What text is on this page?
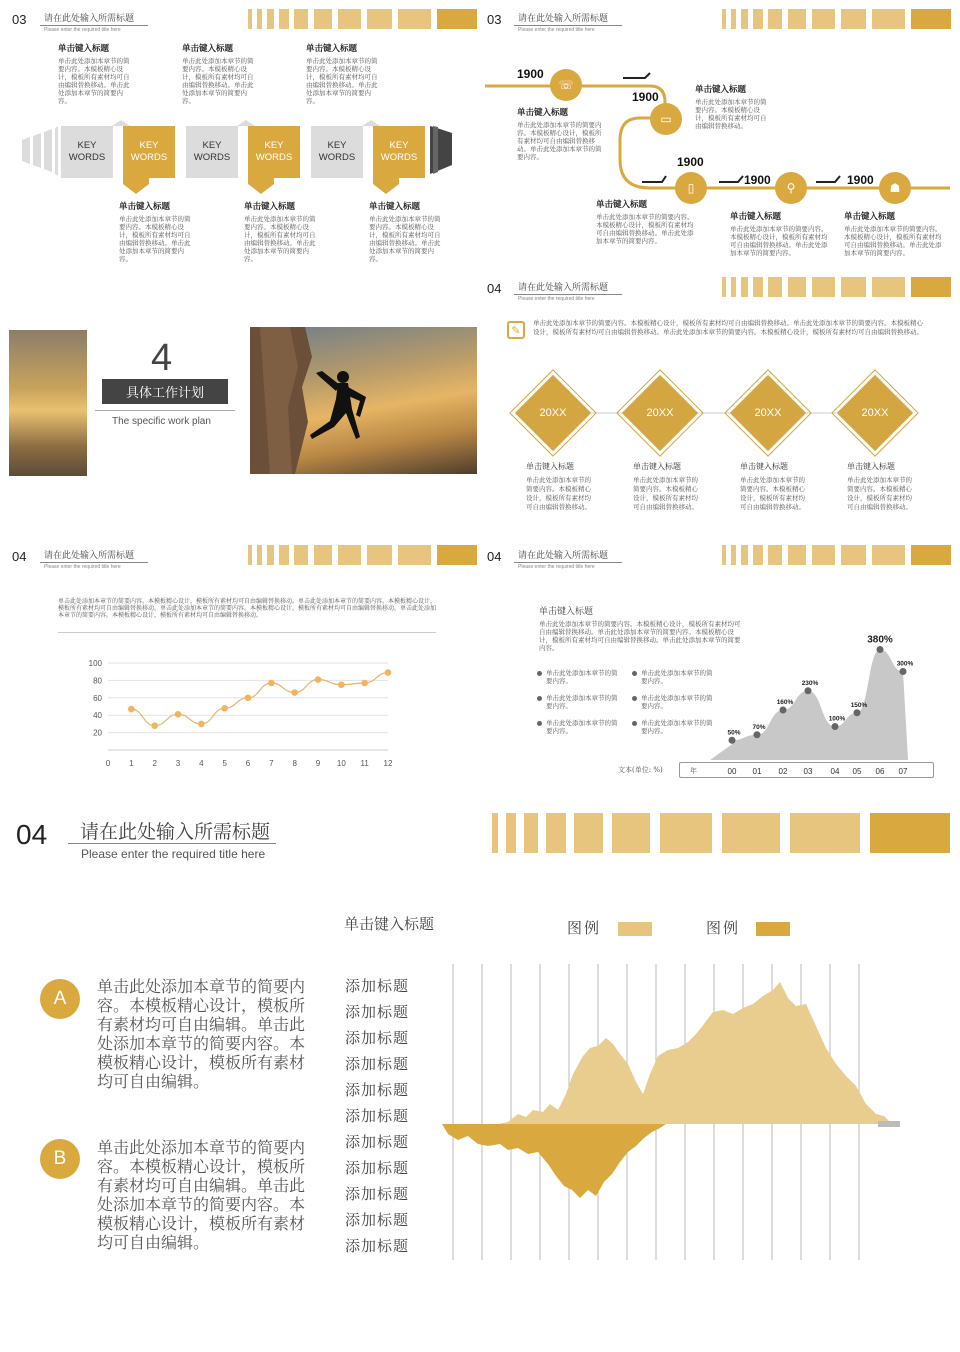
03 请在此处输入所需标题
Please enter the required title here
单击键入标题
单击此处添加本章节的简要内容。本模板精心设计，模板所有素材均可自由编辑替换移动。单击此处添加本章节的简要内容。
单击键入标题
单击此处添加本章节的简要内容。本模板精心设计，模板所有素材均可自由编辑替换移动。单击此处添加本章节的简要内容。
单击键入标题
单击此处添加本章节的简要内容。本模板精心设计，模板所有素材均可自由编辑替换移动。单击此处添加本章节的简要内容。
KEY
WORDS
KEY
WORDS
KEY
WORDS
KEY
WORDS
KEY
WORDS
KEY
WORDS
单击键入标题
单击此处添加本章节的简要内容。本模板精心设计，模板所有素材均可自由编辑替换移动。单击此处添加本章节的简要内容。
单击键入标题
单击此处添加本章节的简要内容。本模板精心设计，模板所有素材均可自由编辑替换移动。单击此处添加本章节的简要内容。
单击键入标题
单击此处添加本章节的简要内容。本模板精心设计，模板所有素材均可自由编辑替换移动。单击此处添加本章节的简要内容。
03 请在此处输入所需标题
Please enter the required title here
☏
▭
▯	⚲	☗
1900
1900
1900
1900	1900
单击键入标题
单击此处添加本章节的简要内容。本模板精心设计，模板所有素材均可自由编辑替换移动。单击此处添加本章节的简要内容。
单击键入标题
单击此处添加本章节的简要内容。本模板精心设计，模板所有素材均可自由编辑替换移动。
单击键入标题
单击此处添加本章节的简要内容。本模板精心设计，模板所有素材均可自由编辑替换移动。单击此处添加本章节的简要内容。
单击键入标题
单击此处添加本章节的简要内容。本模板精心设计，模板所有素材均可自由编辑替换移动。单击此处添加本章节的简要内容。
单击键入标题
单击此处添加本章节的简要内容。本模板精心设计，模板所有素材均可自由编辑替换移动。单击此处添加本章节的简要内容。
4
具体工作计划
The specific work plan
04 请在此处输入所需标题
Please enter the required title here
✎
单击此处添加本章节的简要内容。本模板精心设计，模板所有素材均可自由编辑替换移动。单击此处添加本章节的简要内容。本模板精心设计，模板所有素材均可自由编辑替换移动。单击此处添加本章节的简要内容。本模板精心设计，模板所有素材均可自由编辑替换移动。
20XX	20XX	20XX	20XX
单击键入标题
单击此处添加本章节的简要内容。本模板精心设计，模板所有素材均可自由编辑替换移动。
单击键入标题
单击此处添加本章节的简要内容。本模板精心设计，模板所有素材均可自由编辑替换移动。
单击键入标题
单击此处添加本章节的简要内容。本模板精心设计，模板所有素材均可自由编辑替换移动。
单击键入标题
单击此处添加本章节的简要内容。本模板精心设计，模板所有素材均可自由编辑替换移动。
04 请在此处输入所需标题
Please enter the required title here
单击此处添加本章节的简要内容。本模板精心设计，模板所有素材均可自由编辑替换移动。单击此处添加本章节的简要内容。本模板精心设计，模板所有素材均可自由编辑替换移动。单击此处添加本章节的简要内容。本模板精心设计，模板所有素材均可自由编辑替换移动。单击此处添加本章节的简要内容。本模板精心设计，模板所有素材均可自由编辑替换移动。
20
40
60
80
100
0 1 2 3 4 5 6 7 8 9 10 11 12
04 请在此处输入所需标题
Please enter the required title here
单击键入标题
单击此处添加本章节的简要内容。本模板精心设计，模板所有素材均可自由编辑替换移动。单击此处添加本章节的简要内容。本模板精心设计，模板所有素材均可自由编辑替换移动。单击此处添加本章节的简要内容。
单击此处添加本章节的简要内容。
单击此处添加本章节的简要内容。
单击此处添加本章节的简要内容。
单击此处添加本章节的简要内容。
单击此处添加本章节的简要内容。
单击此处添加本章节的简要内容。	50%
70%
160%
230%
100%
150%
380%
300%
00 01 02 03 04 05 06 07
文本(单位: %)	年
04 请在此处输入所需标题
Please enter the required title here
A
单击此处添加本章节的简要内容。本模板精心设计，模板所有素材均可自由编辑。单击此处添加本章节的简要内容。本模板精心设计，模板所有素材均可自由编辑。
B
单击此处添加本章节的简要内容。本模板精心设计，模板所有素材均可自由编辑。单击此处添加本章节的简要内容。本模板精心设计，模板所有素材均可自由编辑。
单击键入标题	图例	图例
添加标题
添加标题
添加标题
添加标题
添加标题
添加标题
添加标题
添加标题
添加标题
添加标题
添加标题
